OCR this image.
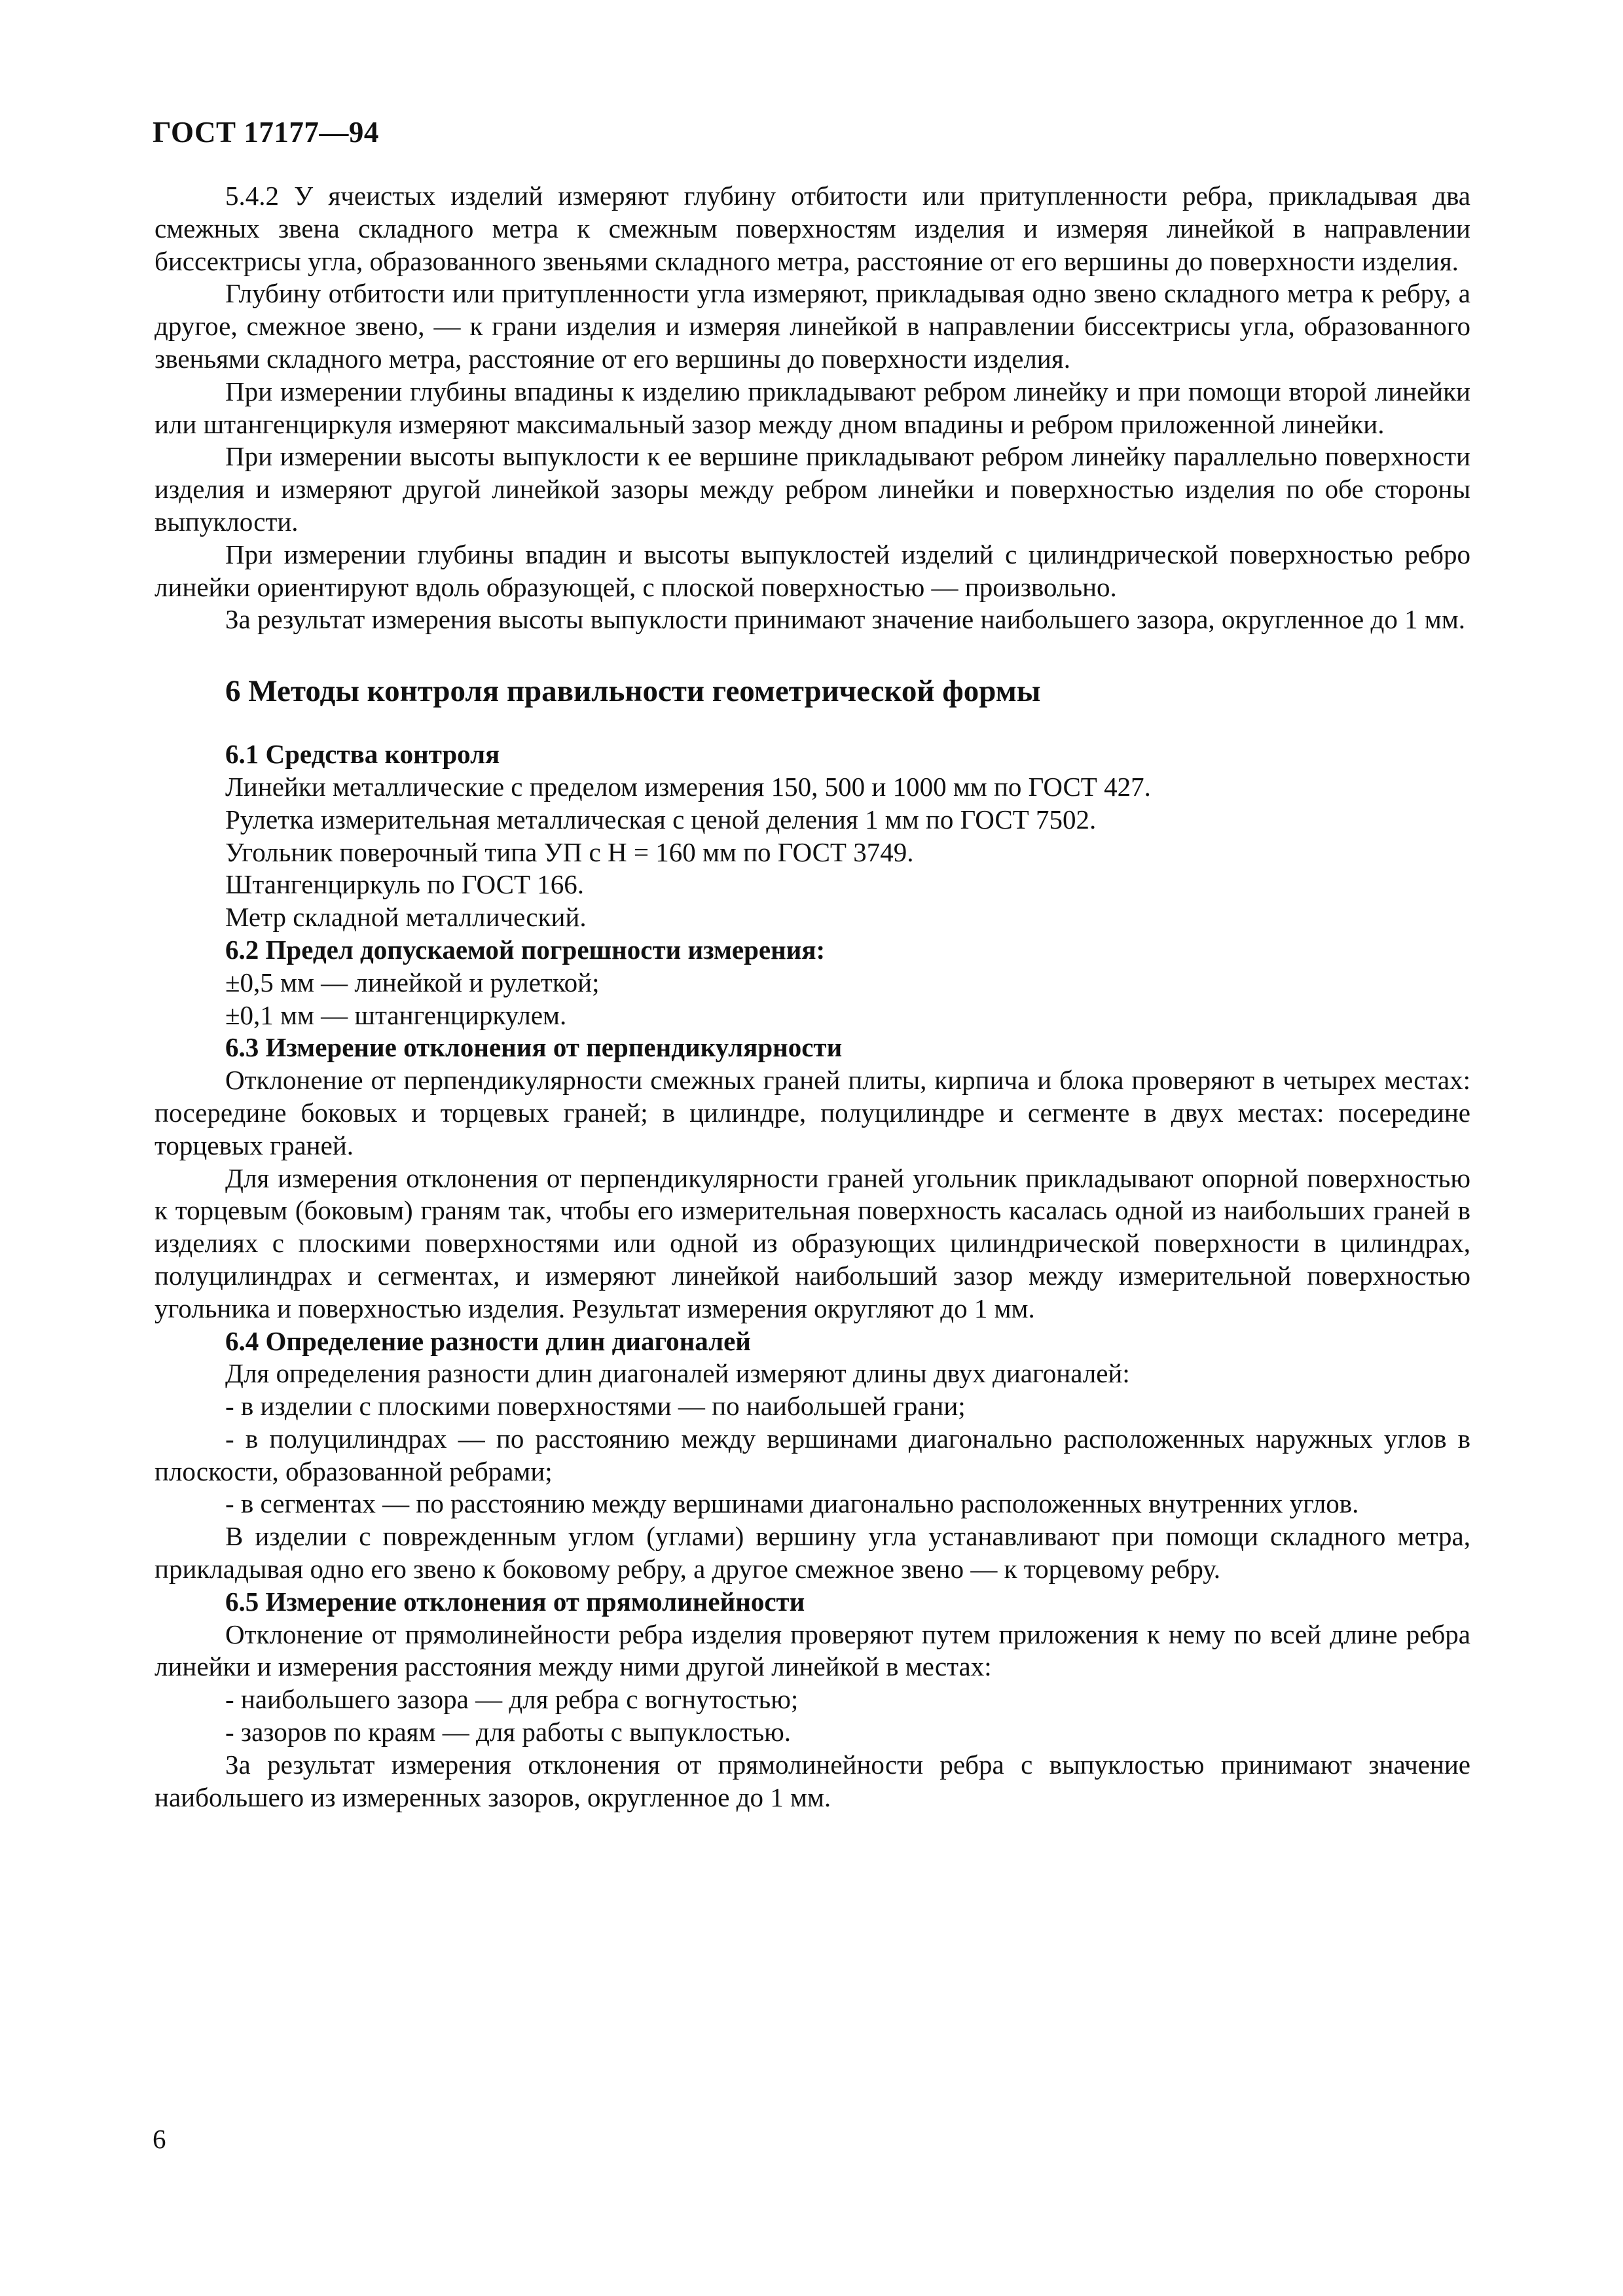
ГОСТ 17177—94

5.4.2 У ячеистых изделий измеряют глубину отбитости или притупленности ребра, прикладывая два смежных звена складного метра к смежным поверхностям изделия и измеряя линейкой в направлении биссектрисы угла, образованного звеньями складного метра, расстояние от его вершины до поверхности изделия.

Глубину отбитости или притупленности угла измеряют, прикладывая одно звено складного метра к ребру, а другое, смежное звено, — к грани изделия и измеряя линейкой в направлении биссектрисы угла, образованного звеньями складного метра, расстояние от его вершины до поверхности изделия.

При измерении глубины впадины к изделию прикладывают ребром линейку и при помощи второй линейки или штангенциркуля измеряют максимальный зазор между дном впадины и ребром приложенной линейки.

При измерении высоты выпуклости к ее вершине прикладывают ребром линейку параллельно поверхности изделия и измеряют другой линейкой зазоры между ребром линейки и поверхностью изделия по обе стороны выпуклости.

При измерении глубины впадин и высоты выпуклостей изделий с цилиндрической поверхностью ребро линейки ориентируют вдоль образующей, с плоской поверхностью — произвольно.

За результат измерения высоты выпуклости принимают значение наибольшего зазора, округленное до 1 мм.

6 Методы контроля правильности геометрической формы

6.1 Средства контроля

Линейки металлические с пределом измерения 150, 500 и 1000 мм по ГОСТ 427.

Рулетка измерительная металлическая с ценой деления 1 мм по ГОСТ 7502.

Угольник поверочный типа УП с H = 160 мм по ГОСТ 3749.

Штангенциркуль по ГОСТ 166.

Метр складной металлический.

6.2 Предел допускаемой погрешности измерения:

±0,5 мм — линейкой и рулеткой;

±0,1 мм — штангенциркулем.

6.3 Измерение отклонения от перпендикулярности

Отклонение от перпендикулярности смежных граней плиты, кирпича и блока проверяют в четырех местах: посередине боковых и торцевых граней; в цилиндре, полуцилиндре и сегменте в двух местах: посередине торцевых граней.

Для измерения отклонения от перпендикулярности граней угольник прикладывают опорной поверхностью к торцевым (боковым) граням так, чтобы его измерительная поверхность касалась одной из наибольших граней в изделиях с плоскими поверхностями или одной из образующих цилиндрической поверхности в цилиндрах, полуцилиндрах и сегментах, и измеряют линейкой наибольший зазор между измерительной поверхностью угольника и поверхностью изделия. Результат измерения округляют до 1 мм.

6.4 Определение разности длин диагоналей

Для определения разности длин диагоналей измеряют длины двух диагоналей:

- в изделии с плоскими поверхностями — по наибольшей грани;

- в полуцилиндрах — по расстоянию между вершинами диагонально расположенных наружных углов в плоскости, образованной ребрами;

- в сегментах — по расстоянию между вершинами диагонально расположенных внутренних углов.

В изделии с поврежденным углом (углами) вершину угла устанавливают при помощи складного метра, прикладывая одно его звено к боковому ребру, а другое смежное звено — к торцевому ребру.

6.5 Измерение отклонения от прямолинейности

Отклонение от прямолинейности ребра изделия проверяют путем приложения к нему по всей длине ребра линейки и измерения расстояния между ними другой линейкой в местах:

- наибольшего зазора — для ребра с вогнутостью;

- зазоров по краям — для работы с выпуклостью.

За результат измерения отклонения от прямолинейности ребра с выпуклостью принимают значение наибольшего из измеренных зазоров, округленное до 1 мм.

6
